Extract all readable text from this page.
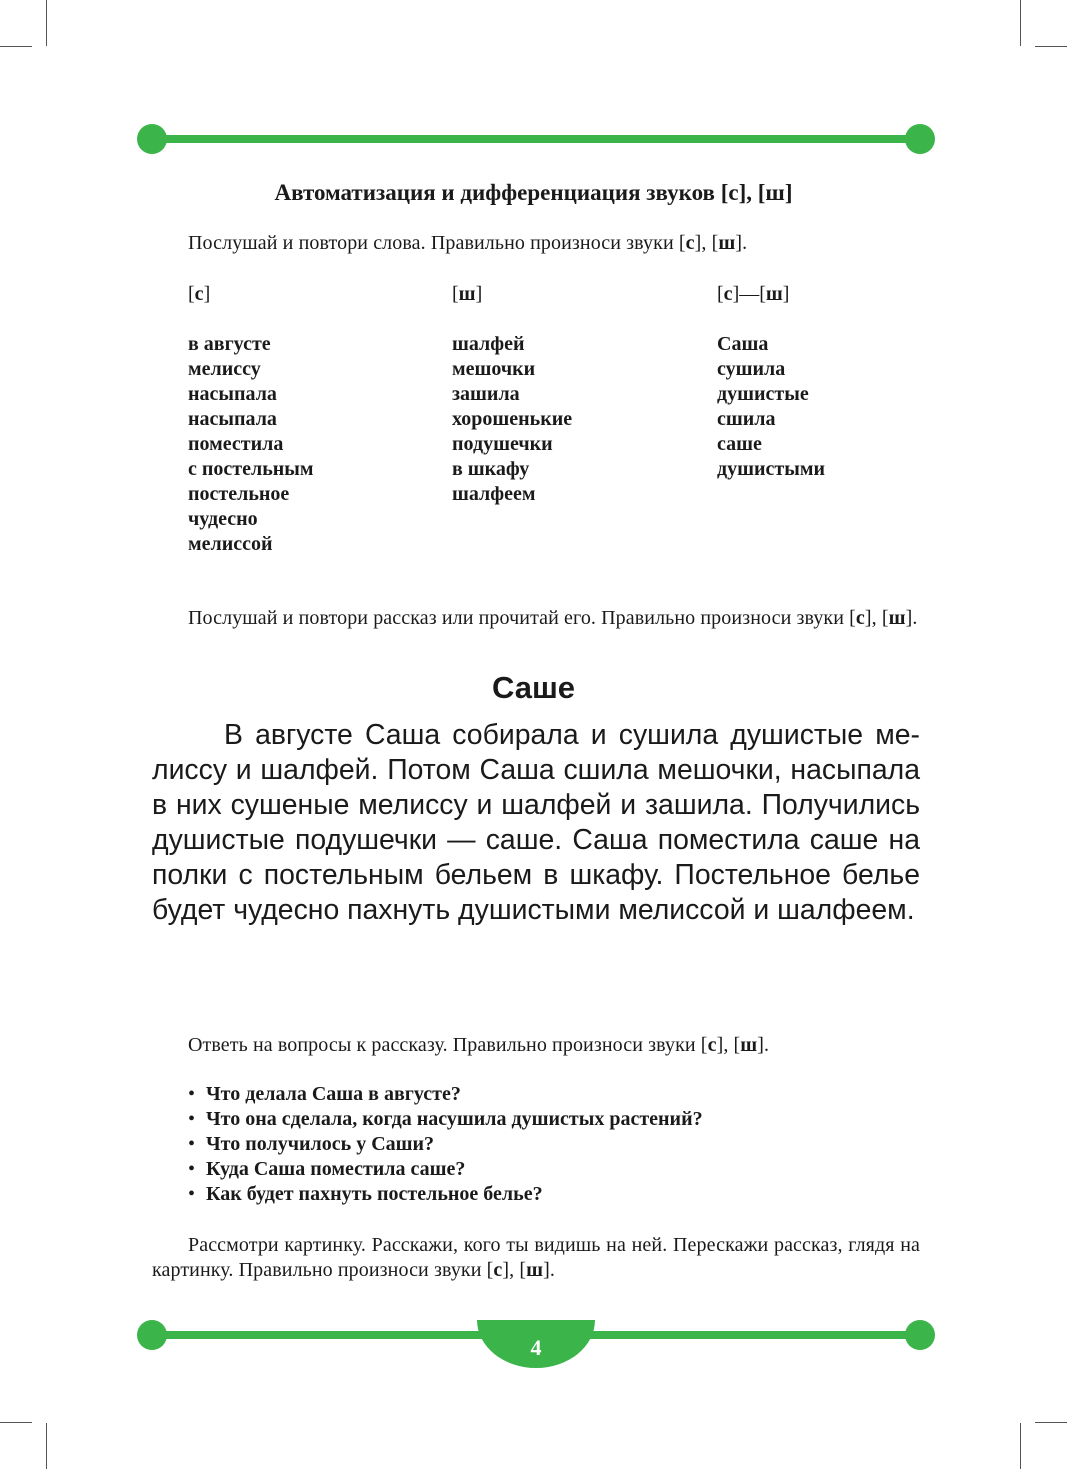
Автоматизация и дифференциация звуков [с], [ш]

Послушай и повтори слова. Правильно произноси звуки [с], [ш].

[с]
в августе
мелиссу
насыпала
насыпала
поместила
с постельным
постельное
чудесно
мелиссой
[ш]
шалфей
мешочки
зашила
хорошенькие
подушечки
в шкафу
шалфеем
[с]—[ш]
Саша
сушила
душистые
сшила
саше
душистыми

Послушай и повтори рассказ или прочитай его. Правильно произноси звуки [с], [ш].

Саше

В августе Саша собирала и сушила душистые мелиссу и шалфей. Потом Саша сшила мешочки, насыпала в них сушеные мелиссу и шалфей и зашила. Получились душистые подушечки — саше. Саша поместила саше на полки с постельным бельем в шкафу. Постельное белье будет чудесно пахнуть душистыми мелиссой и шалфеем.

Ответь на вопросы к рассказу. Правильно произноси звуки [с], [ш].

• Что делала Саша в августе?
• Что она сделала, когда насушила душистых растений?
• Что получилось у Саши?
• Куда Саша поместила саше?
• Как будет пахнуть постельное белье?

Рассмотри картинку. Расскажи, кого ты видишь на ней. Перескажи рассказ, глядя на картинку. Правильно произноси звуки [с], [ш].

4
